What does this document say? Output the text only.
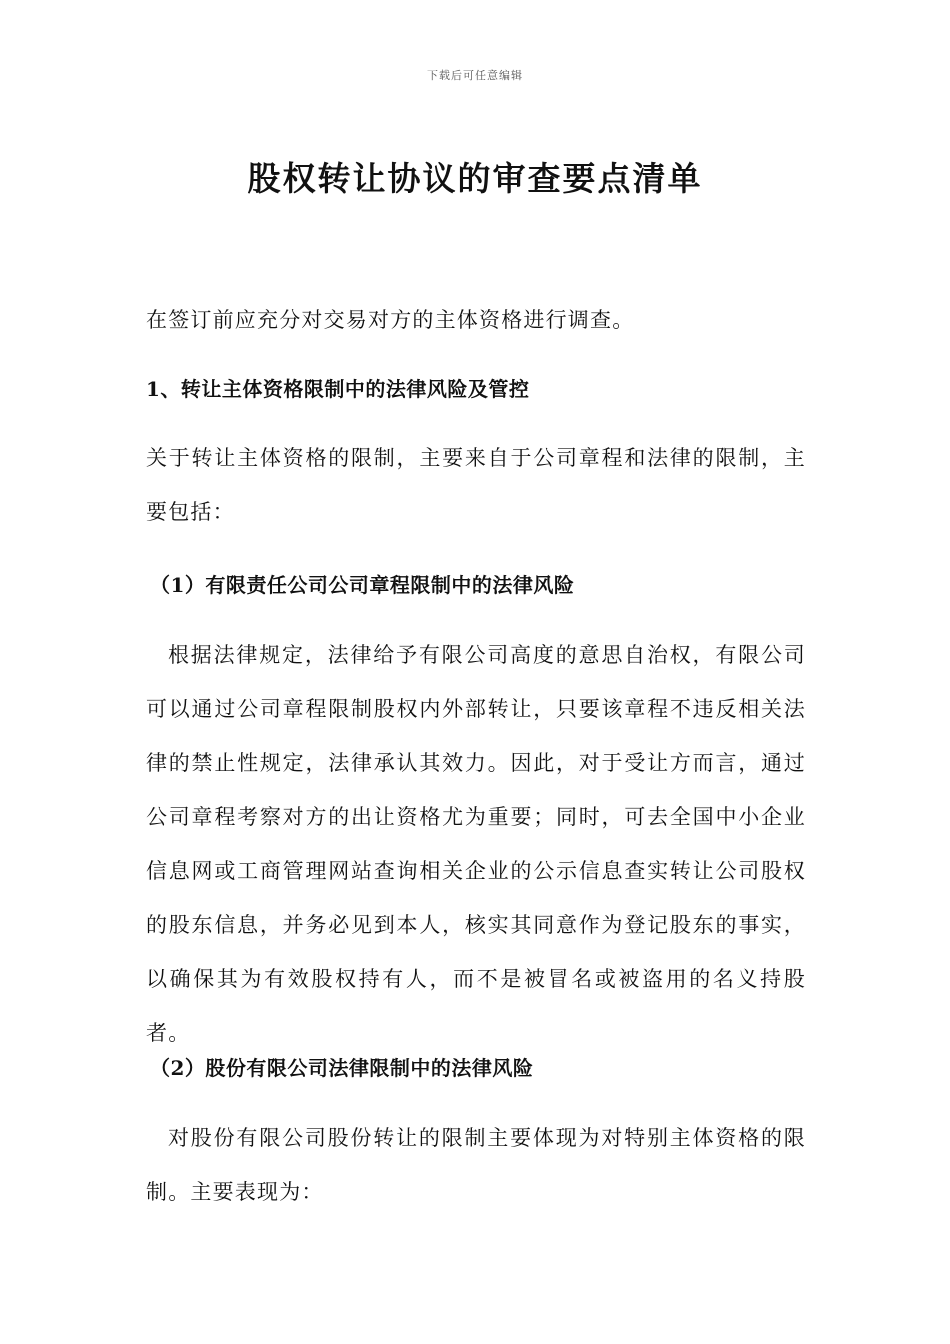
下载后可任意编辑
股权转让协议的审查要点清单

在签订前应充分对交易对方的主体资格进行调查。

1、转让主体资格限制中的法律风险及管控

关于转让主体资格的限制，主要来自于公司章程和法律的限制，主要包括：

（1）有限责任公司公司章程限制中的法律风险

根据法律规定，法律给予有限公司高度的意思自治权，有限公司可以通过公司章程限制股权内外部转让，只要该章程不违反相关法律的禁止性规定，法律承认其效力。因此，对于受让方而言，通过公司章程考察对方的出让资格尤为重要；同时，可去全国中小企业信息网或工商管理网站查询相关企业的公示信息查实转让公司股权的股东信息，并务必见到本人，核实其同意作为登记股东的事实，以确保其为有效股权持有人，而不是被冒名或被盗用的名义持股者。

（2）股份有限公司法律限制中的法律风险

对股份有限公司股份转让的限制主要体现为对特别主体资格的限制。主要表现为：
